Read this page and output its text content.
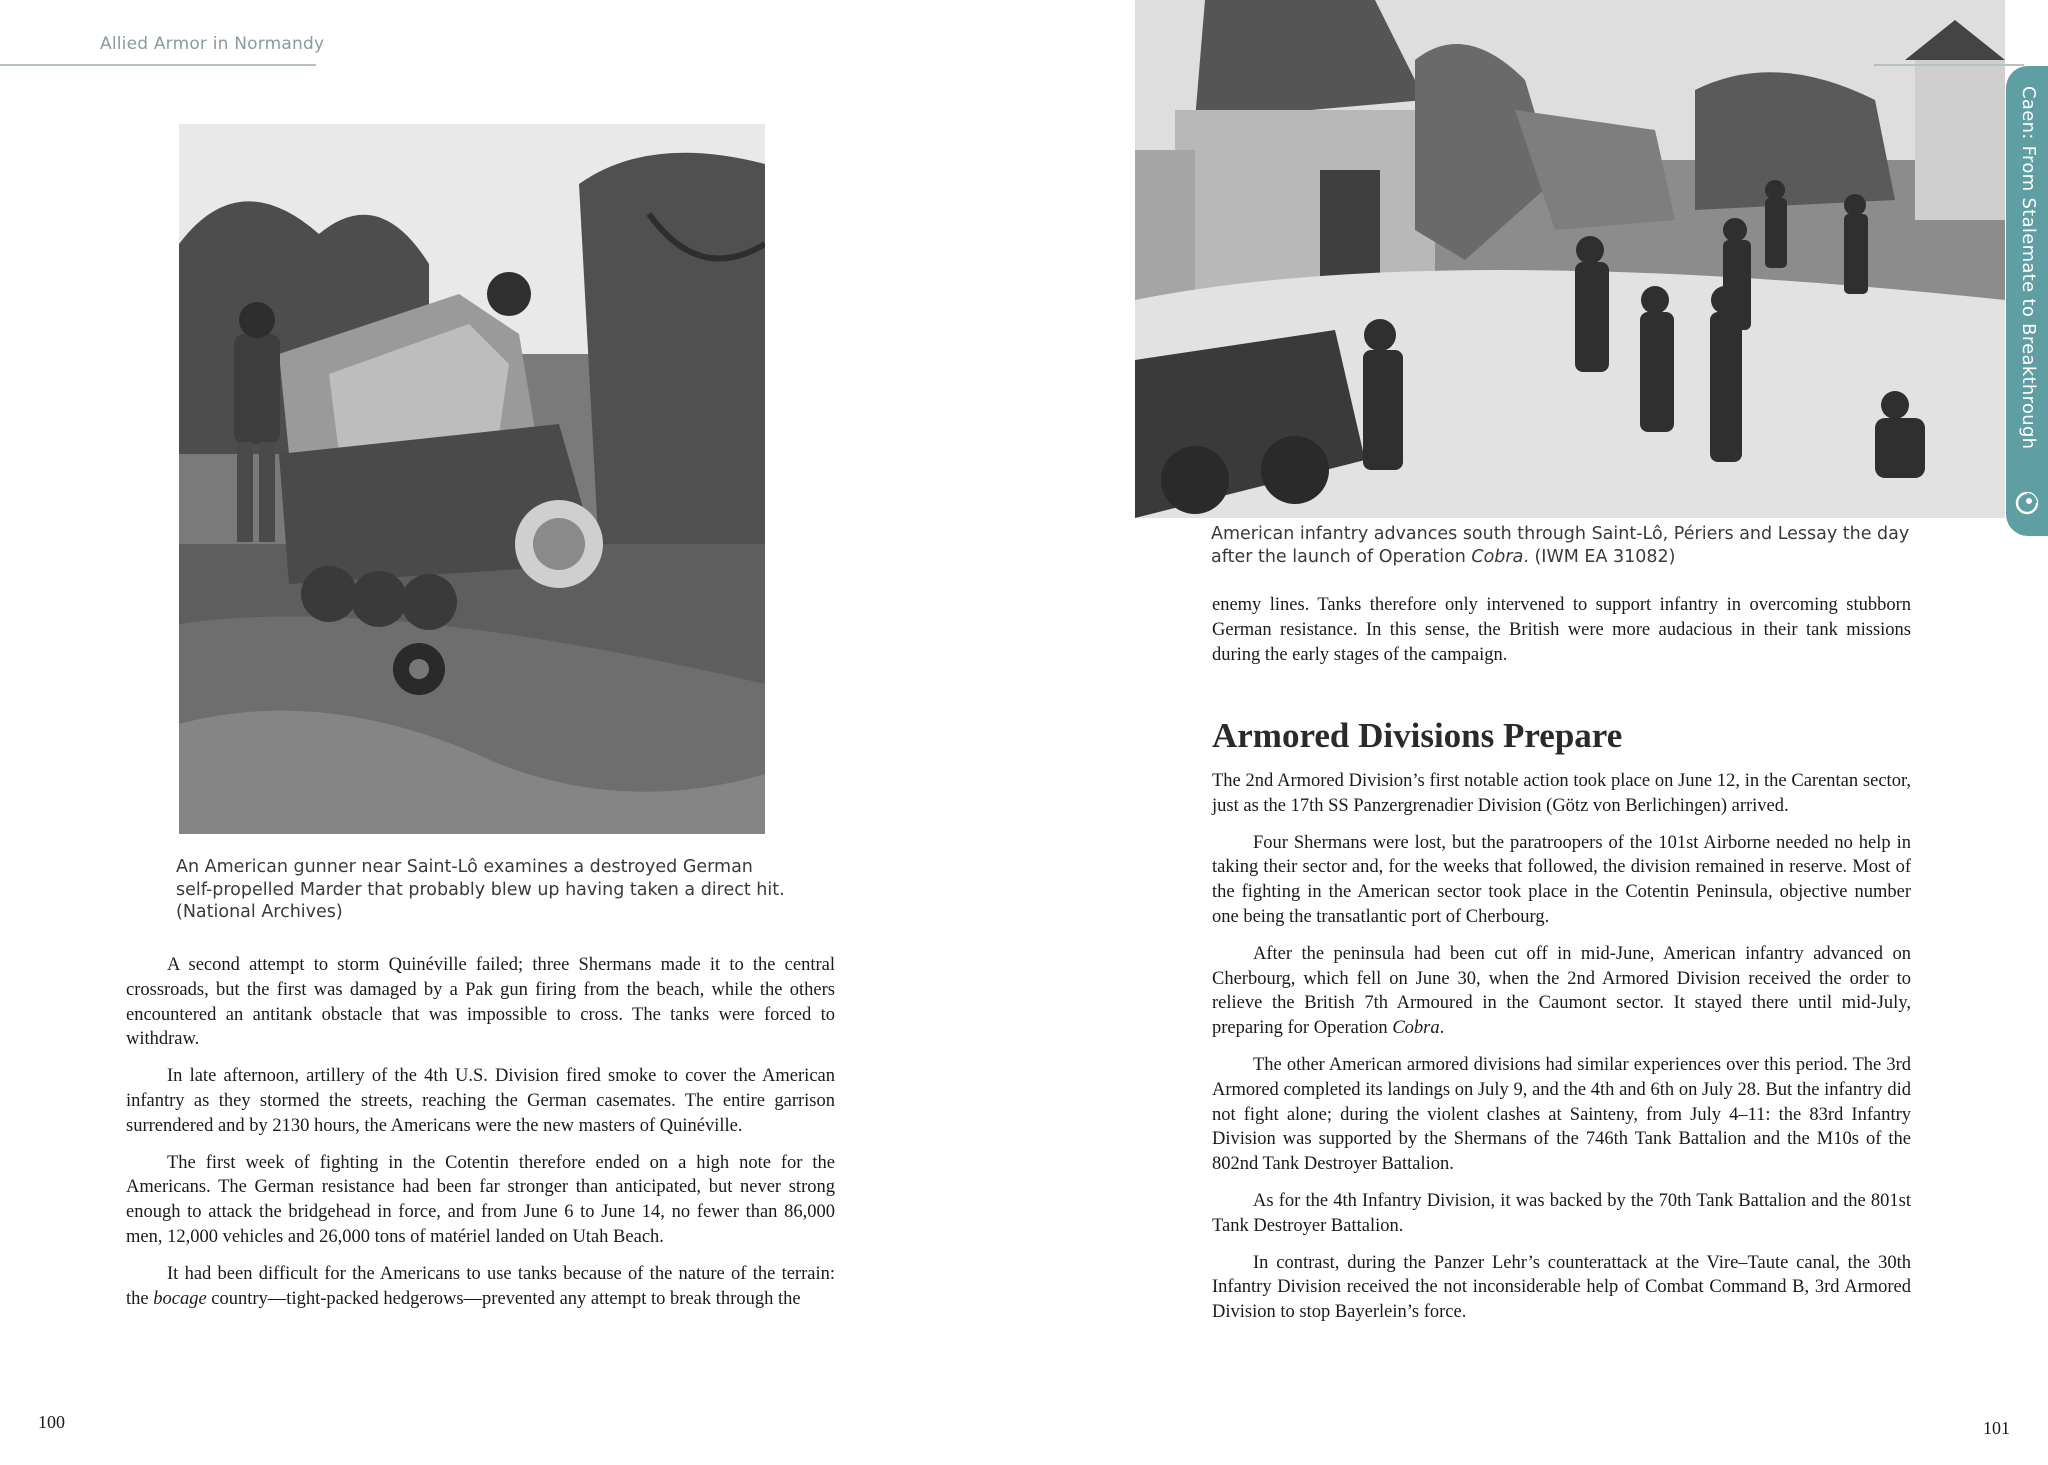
Allied Armor in Normandy
An American gunner near Saint-Lô examines a destroyed German
self-propelled Marder that probably blew up having taken a direct hit.
(National Archives)

A second attempt to storm Quinéville failed; three Shermans made it to the central crossroads, but the first was damaged by a Pak gun firing from the beach, while the others encountered an antitank obstacle that was impossible to cross. The tanks were forced to withdraw.

In late afternoon, artillery of the 4th U.S. Division fired smoke to cover the American infantry as they stormed the streets, reaching the German casemates. The entire garrison surrendered and by 2130 hours, the Americans were the new masters of Quinéville.

The first week of fighting in the Cotentin therefore ended on a high note for the Americans. The German resistance had been far stronger than anticipated, but never strong enough to attack the bridgehead in force, and from June 6 to June 14, no fewer than 86,000 men, 12,000 vehicles and 26,000 tons of matériel landed on Utah Beach.

It had been difficult for the Americans to use tanks because of the nature of the terrain: the bocage country—tight-packed hedgerows—prevented any attempt to break through the

100
American infantry advances south through Saint-Lô, Périers and Lessay the day
after the launch of Operation Cobra. (IWM EA 31082)

enemy lines. Tanks therefore only intervened to support infantry in overcoming stubborn German resistance. In this sense, the British were more audacious in their tank missions during the early stages of the campaign.

Armored Divisions Prepare

The 2nd Armored Division’s first notable action took place on June 12, in the Carentan sector, just as the 17th SS Panzergrenadier Division (Götz von Berlichingen) arrived.

Four Shermans were lost, but the paratroopers of the 101st Airborne needed no help in taking their sector and, for the weeks that followed, the division remained in reserve. Most of the fighting in the American sector took place in the Cotentin Peninsula, objective number one being the transatlantic port of Cherbourg.

After the peninsula had been cut off in mid-June, American infantry advanced on Cherbourg, which fell on June 30, when the 2nd Armored Division received the order to relieve the British 7th Armoured in the Caumont sector. It stayed there until mid-July, preparing for Operation Cobra.

The other American armored divisions had similar experiences over this period. The 3rd Armored completed its landings on July 9, and the 4th and 6th on July 28. But the infantry did not fight alone; during the violent clashes at Sainteny, from July 4–11: the 83rd Infantry Division was supported by the Shermans of the 746th Tank Battalion and the M10s of the 802nd Tank Destroyer Battalion.

As for the 4th Infantry Division, it was backed by the 70th Tank Battalion and the 801st Tank Destroyer Battalion.

In contrast, during the Panzer Lehr’s counterattack at the Vire–Taute canal, the 30th Infantry Division received the not inconsiderable help of Combat Command B, 3rd Armored Division to stop Bayerlein’s force.

Caen: From Stalemate to Breakthrough
101
